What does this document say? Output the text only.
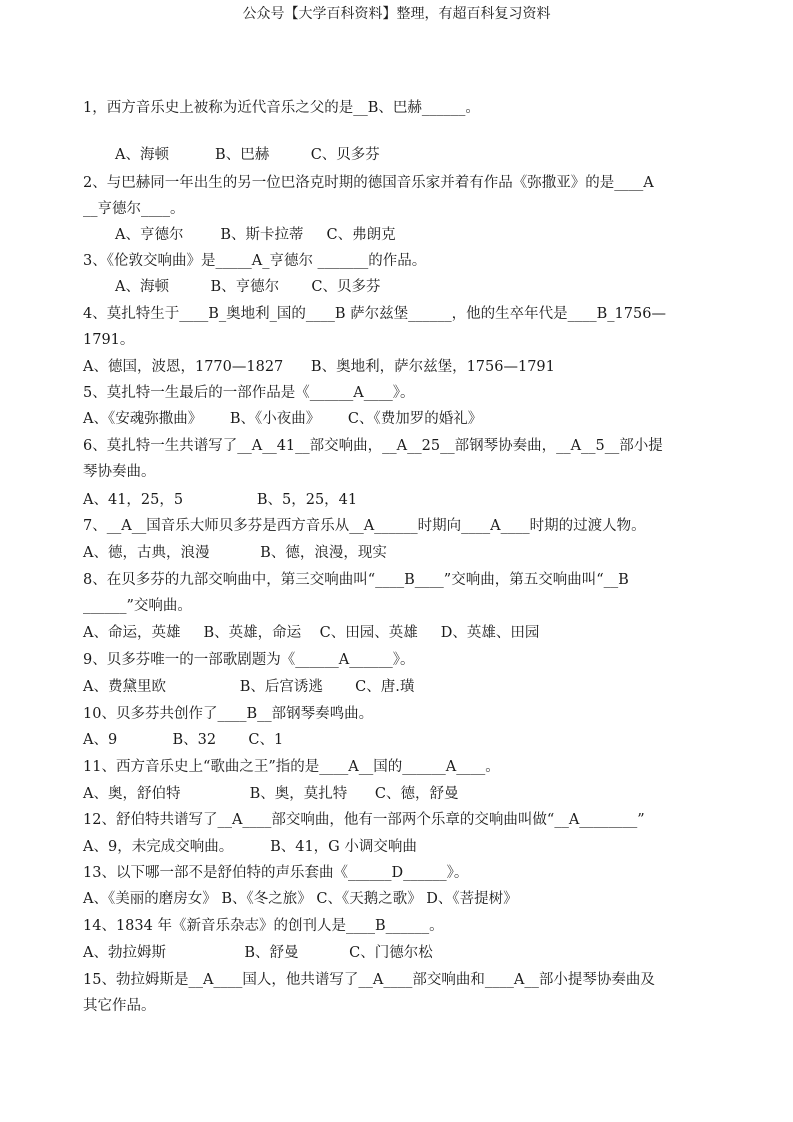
公众号【大学百科资料】整理，有超百科复习资料
1，西方音乐史上被称为近代音乐之父的是__B、巴赫______。
A、海顿          B、巴赫         C、贝多芬
2、与巴赫同一年出生的另一位巴洛克时期的德国音乐家并着有作品《弥撒亚》的是____A
__亨德尔____。
A、亨德尔        B、斯卡拉蒂     C、弗朗克
3、《伦敦交响曲》是_____A_亨德尔 _______的作品。
A、海顿         B、亨德尔       C、贝多芬
4、莫扎特生于____B_奥地利_国的____B 萨尔兹堡______，他的生卒年代是____B_1756—
1791。
A、德国，波恩，1770—1827      B、奥地利，萨尔兹堡，1756—1791
5、莫扎特一生最后的一部作品是《______A____》。
A、《安魂弥撒曲》      B、《小夜曲》      C、《费加罗的婚礼》
6、莫扎特一生共谱写了__A__41__部交响曲，__A__25__部钢琴协奏曲，__A__5__部小提
琴协奏曲。
A、41，25，5                B、5，25，41
7、__A__国音乐大师贝多芬是西方音乐从__A______时期向____A____时期的过渡人物。
A、德，古典，浪漫           B、德，浪漫，现实
8、在贝多芬的九部交响曲中，第三交响曲叫“____B____”交响曲，第五交响曲叫“__B
______”交响曲。
A、命运，英雄     B、英雄，命运    C、田园、英雄     D、英雄、田园
9、贝多芬唯一的一部歌剧题为《______A______》。
A、费黛里欧                B、后宫诱逃       C、唐.璜
10、贝多芬共创作了____B__部钢琴奏鸣曲。
A、9            B、32       C、1
11、西方音乐史上“歌曲之王”指的是____A__国的______A____。
A、奥，舒伯特               B、奥，莫扎特      C、德，舒曼
12、舒伯特共谱写了__A____部交响曲，他有一部两个乐章的交响曲叫做“__A________”
A、9，未完成交响曲。        B、41，G 小调交响曲
13、以下哪一部不是舒伯特的声乐套曲《______D______》。
A、《美丽的磨房女》 B、《冬之旅》 C、《天鹅之歌》 D、《菩提树》
14、1834 年《新音乐杂志》的创刊人是____B______。
A、勃拉姆斯                 B、舒曼           C、门德尔松
15、勃拉姆斯是__A____国人，他共谱写了__A____部交响曲和____A__部小提琴协奏曲及
其它作品。
